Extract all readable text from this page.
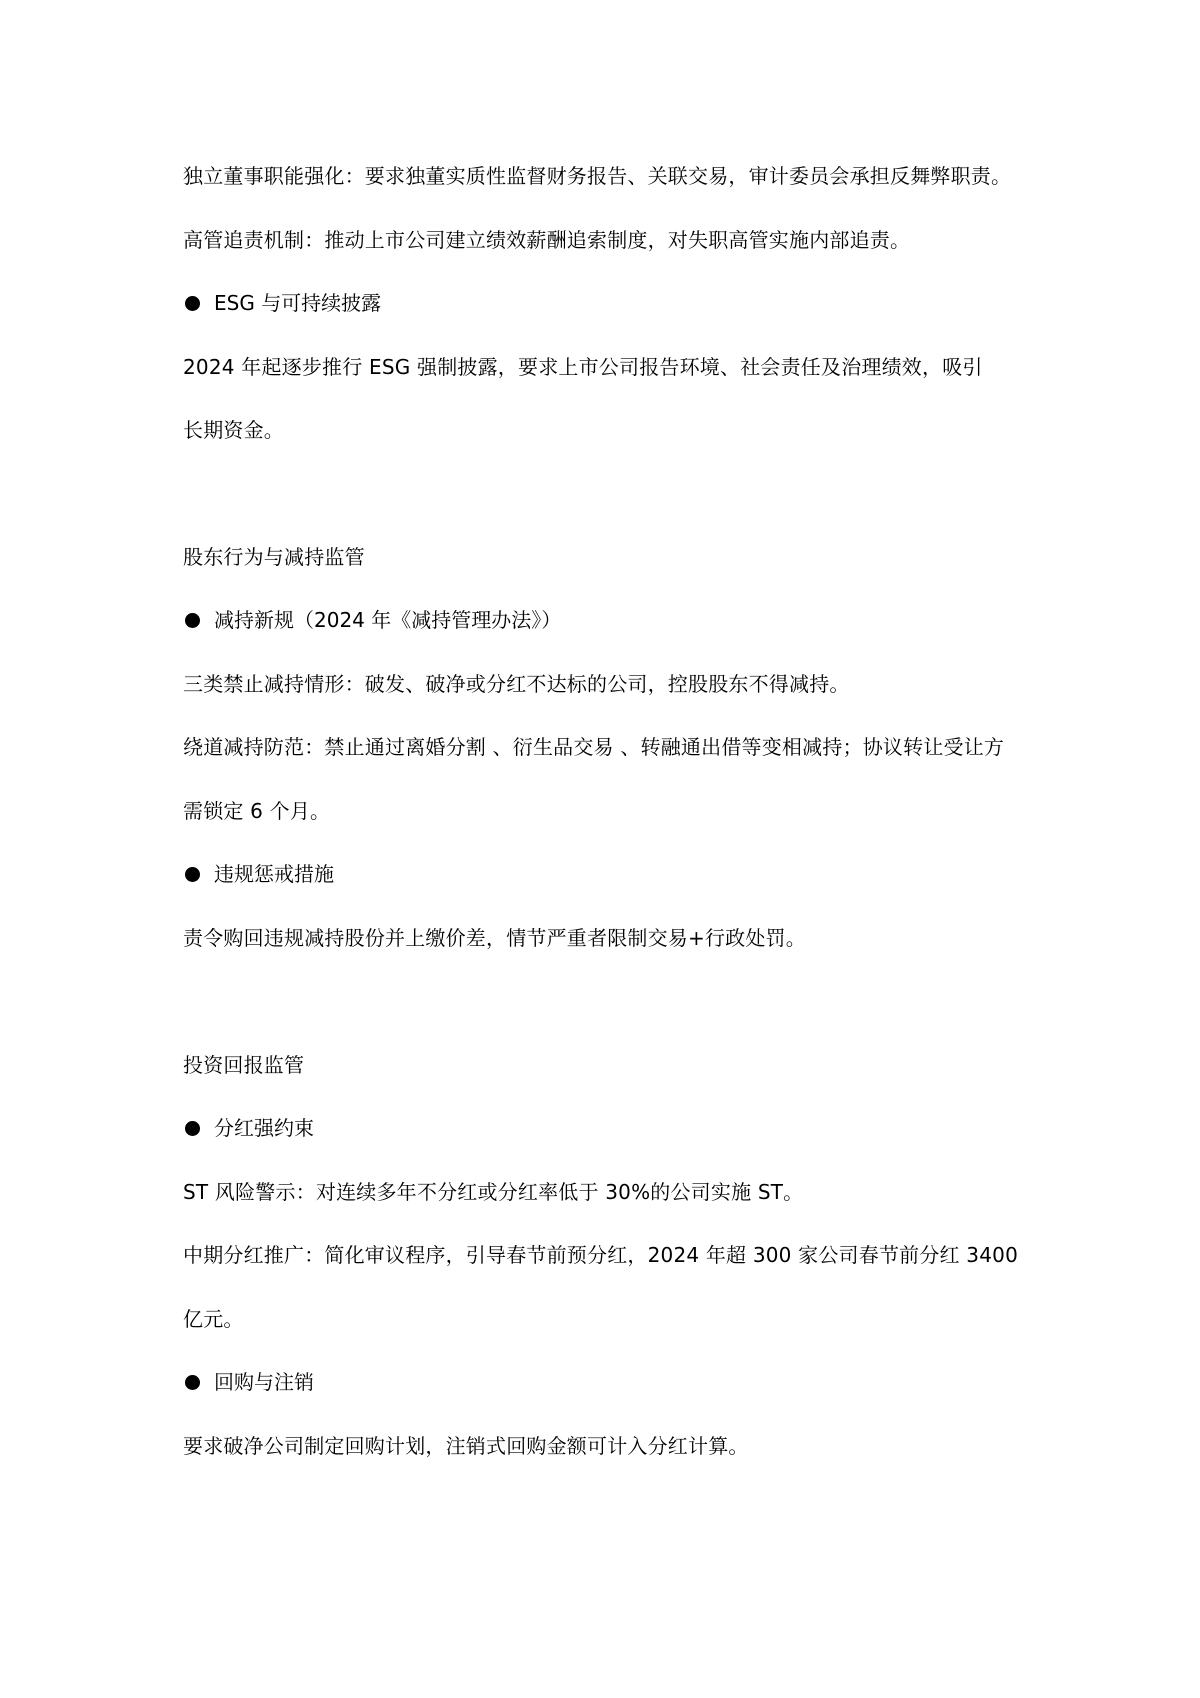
独立董事职能强化：要求独董实质性监督财务报告、关联交易，审计委员会承担反舞弊职责。
高管追责机制：推动上市公司建立绩效薪酬追索制度，对失职高管实施内部追责。
ESG 与可持续披露
2024 年起逐步推行 ESG 强制披露，要求上市公司报告环境、社会责任及治理绩效，吸引
长期资金。
股东行为与减持监管
减持新规（2024 年《减持管理办法》）
三类禁止减持情形：破发、破净或分红不达标的公司，控股股东不得减持。
绕道减持防范：禁止通过离婚分割 、衍生品交易 、转融通出借等变相减持；协议转让受让方
需锁定 6 个月。
违规惩戒措施
责令购回违规减持股份并上缴价差，情节严重者限制交易+行政处罚。
投资回报监管
分红强约束
ST 风险警示：对连续多年不分红或分红率低于 30%的公司实施 ST。
中期分红推广：简化审议程序，引导春节前预分红，2024 年超 300 家公司春节前分红 3400
亿元。
回购与注销
要求破净公司制定回购计划，注销式回购金额可计入分红计算。
